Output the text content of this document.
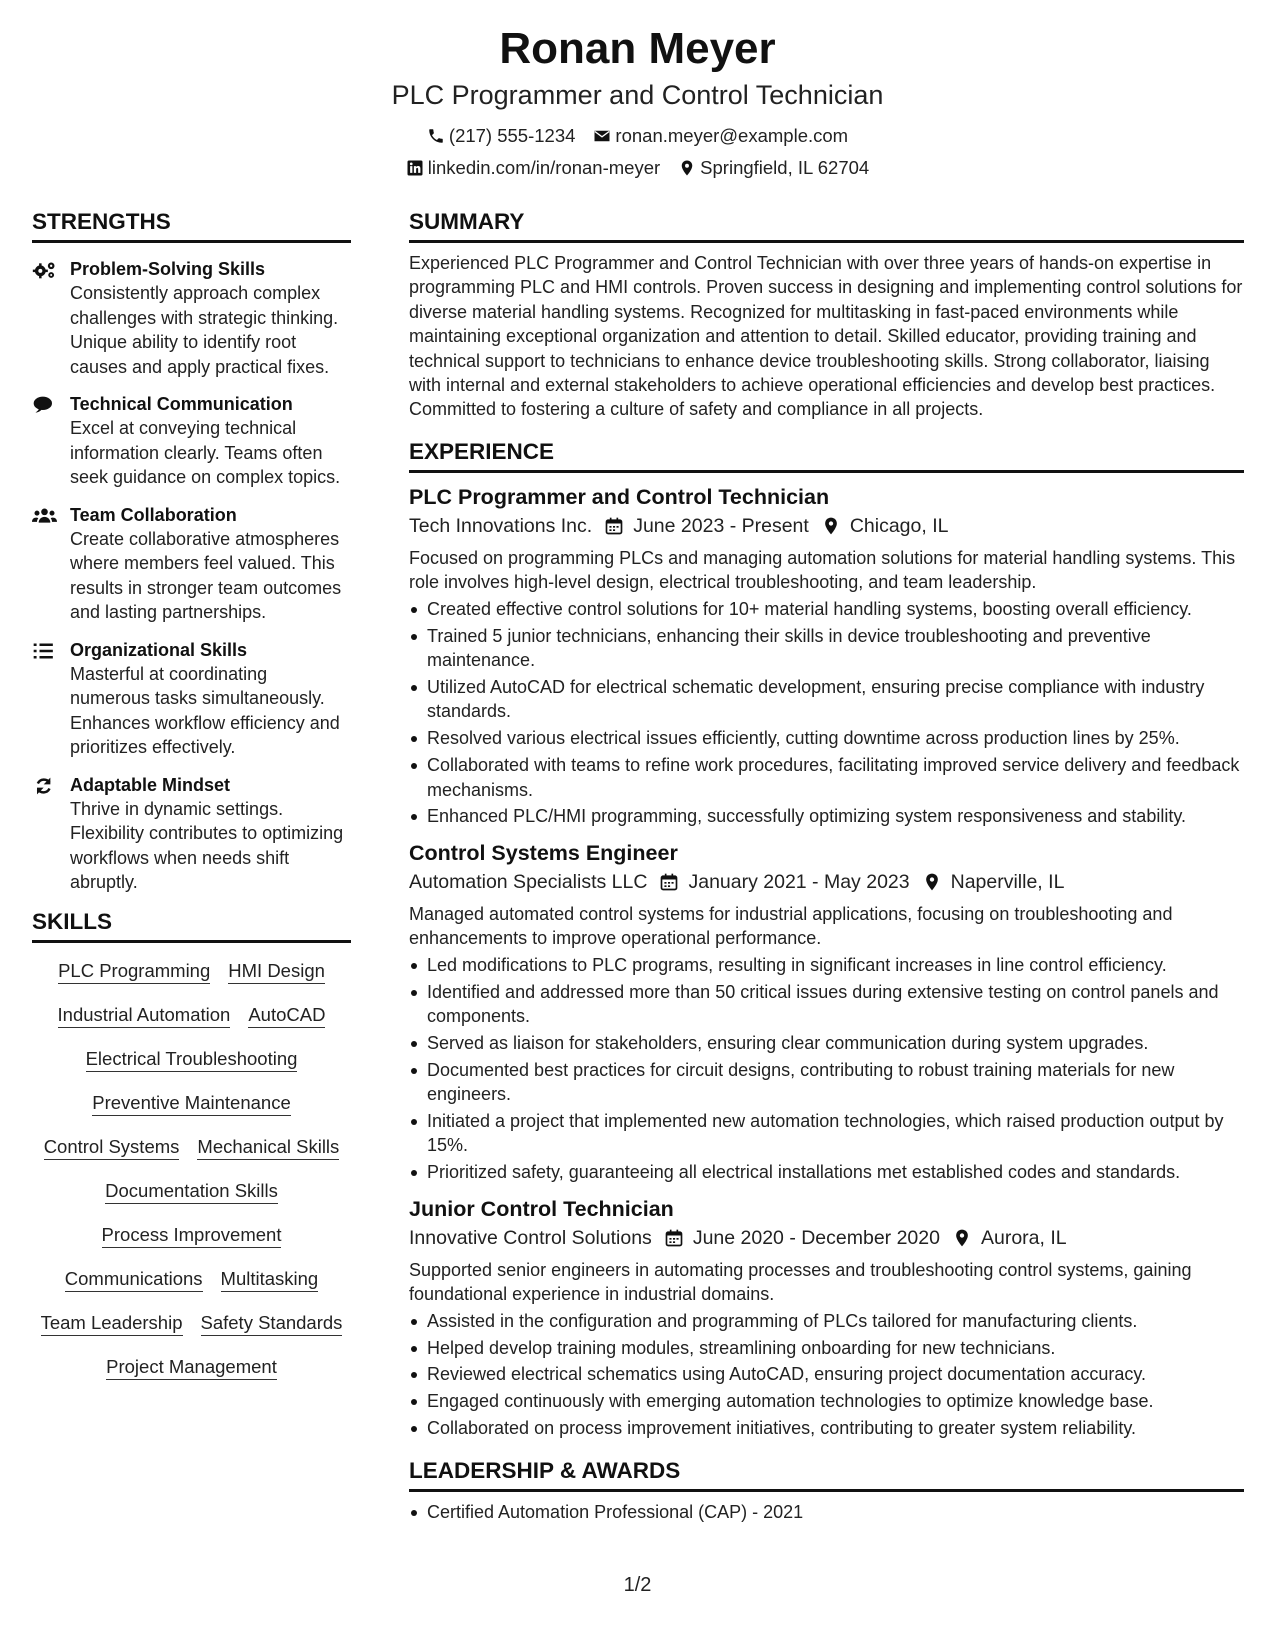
Ronan Meyer
PLC Programmer and Control Technician
(217) 555-1234 ronan.meyer@example.com
linkedin.com/in/ronan-meyer Springfield, IL 62704
STRENGTHS
Problem-Solving Skills
Consistently approach complex challenges with strategic thinking. Unique ability to identify root causes and apply practical fixes.
Technical Communication
Excel at conveying technical information clearly. Teams often seek guidance on complex topics.
Team Collaboration
Create collaborative atmospheres where members feel valued. This results in stronger team outcomes and lasting partnerships.
Organizational Skills
Masterful at coordinating numerous tasks simultaneously. Enhances workflow efficiency and prioritizes effectively.
Adaptable Mindset
Thrive in dynamic settings. Flexibility contributes to optimizing workflows when needs shift abruptly.
SKILLS
PLC Programming HMI Design
Industrial Automation AutoCAD
Electrical Troubleshooting
Preventive Maintenance
Control Systems Mechanical Skills
Documentation Skills
Process Improvement
Communications Multitasking
Team Leadership Safety Standards
Project Management
SUMMARY
Experienced PLC Programmer and Control Technician with over three years of hands-on expertise in programming PLC and HMI controls. Proven success in designing and implementing control solutions for diverse material handling systems. Recognized for multitasking in fast-paced environments while maintaining exceptional organization and attention to detail. Skilled educator, providing training and technical support to technicians to enhance device troubleshooting skills. Strong collaborator, liaising with internal and external stakeholders to achieve operational efficiencies and develop best practices. Committed to fostering a culture of safety and compliance in all projects.
EXPERIENCE
PLC Programmer and Control Technician
Tech Innovations Inc. June 2023 - Present Chicago, IL
Focused on programming PLCs and managing automation solutions for material handling systems. This role involves high-level design, electrical troubleshooting, and team leadership.
Created effective control solutions for 10+ material handling systems, boosting overall efficiency.
Trained 5 junior technicians, enhancing their skills in device troubleshooting and preventive maintenance.
Utilized AutoCAD for electrical schematic development, ensuring precise compliance with industry standards.
Resolved various electrical issues efficiently, cutting downtime across production lines by 25%.
Collaborated with teams to refine work procedures, facilitating improved service delivery and feedback mechanisms.
Enhanced PLC/HMI programming, successfully optimizing system responsiveness and stability.
Control Systems Engineer
Automation Specialists LLC January 2021 - May 2023 Naperville, IL
Managed automated control systems for industrial applications, focusing on troubleshooting and enhancements to improve operational performance.
Led modifications to PLC programs, resulting in significant increases in line control efficiency.
Identified and addressed more than 50 critical issues during extensive testing on control panels and components.
Served as liaison for stakeholders, ensuring clear communication during system upgrades.
Documented best practices for circuit designs, contributing to robust training materials for new engineers.
Initiated a project that implemented new automation technologies, which raised production output by 15%.
Prioritized safety, guaranteeing all electrical installations met established codes and standards.
Junior Control Technician
Innovative Control Solutions June 2020 - December 2020 Aurora, IL
Supported senior engineers in automating processes and troubleshooting control systems, gaining foundational experience in industrial domains.
Assisted in the configuration and programming of PLCs tailored for manufacturing clients.
Helped develop training modules, streamlining onboarding for new technicians.
Reviewed electrical schematics using AutoCAD, ensuring project documentation accuracy.
Engaged continuously with emerging automation technologies to optimize knowledge base.
Collaborated on process improvement initiatives, contributing to greater system reliability.
LEADERSHIP & AWARDS
Certified Automation Professional (CAP) - 2021
1/2
